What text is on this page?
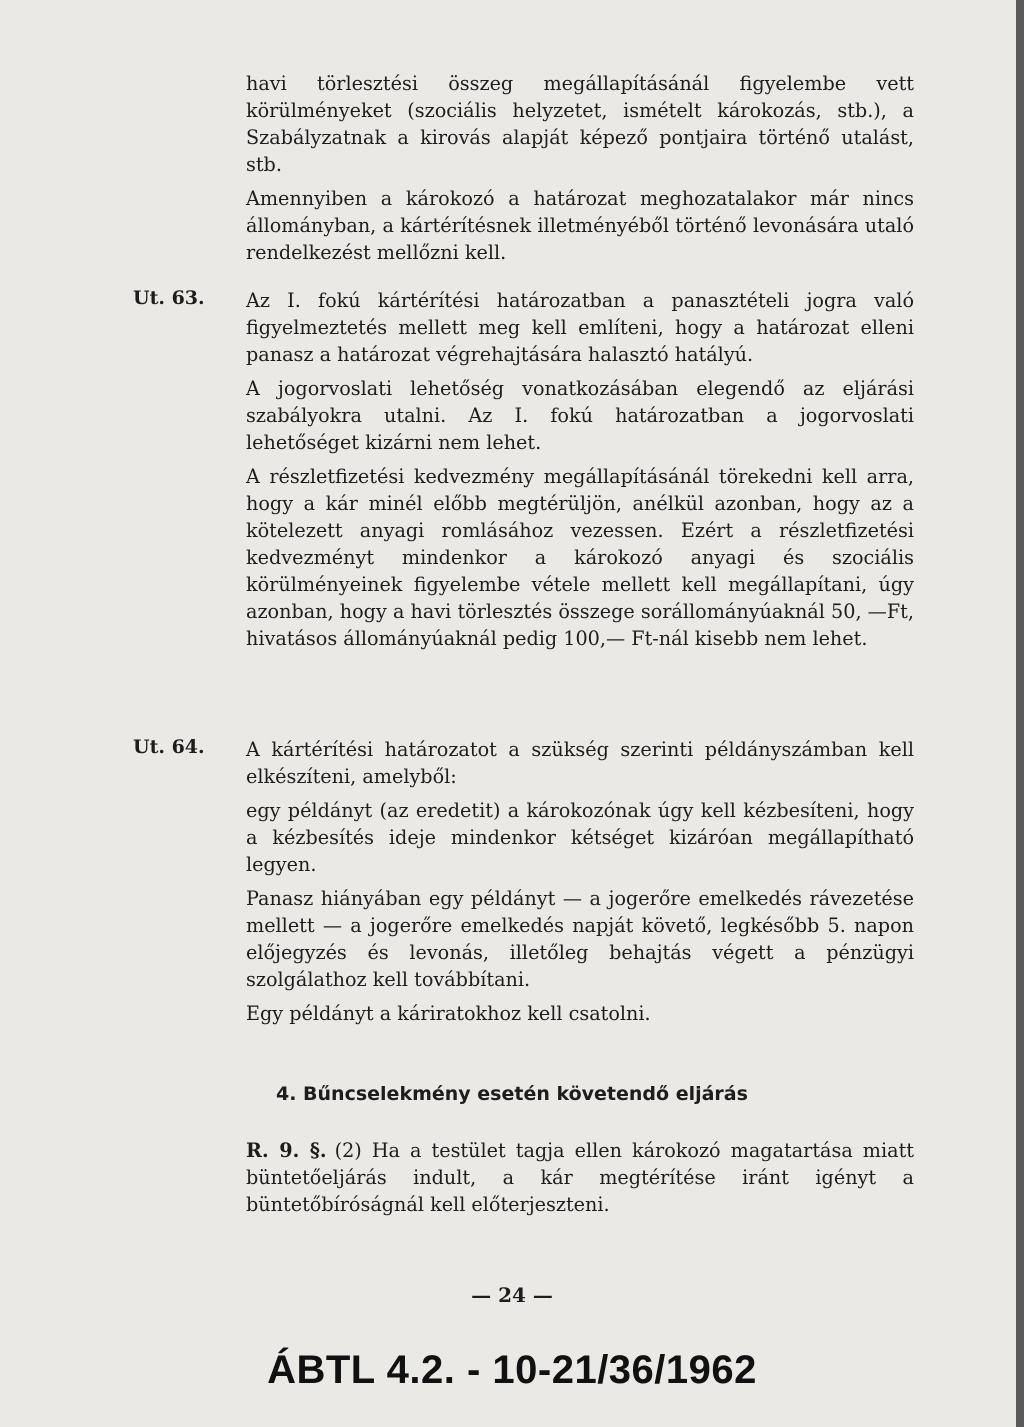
havi törlesztési összeg megállapításánál figyelembe vett körülményeket (szociális helyzetet, ismételt károkozás, stb.), a Szabályzatnak a kirovás alapját képező pontjaira történő utalást, stb.

Amennyiben a károkozó a határozat meghozatalakor már nincs állományban, a kártérítésnek illetményéből történő levonására utaló rendelkezést mellőzni kell.

Ut. 63. Az I. fokú kártérítési határozatban a panasztételi jogra való figyelmeztetés mellett meg kell említeni, hogy a határozat elleni panasz a határozat végrehajtására halasztó hatályú.

A jogorvoslati lehetőség vonatkozásában elegendő az eljárási szabályokra utalni. Az I. fokú határozatban a jogorvoslati lehetőséget kizárni nem lehet.

A részletfizetési kedvezmény megállapításánál törekedni kell arra, hogy a kár minél előbb megtérüljön, anélkül azonban, hogy az a kötelezett anyagi romlásához vezessen. Ezért a részletfizetési kedvezményt mindenkor a károkozó anyagi és szociális körülményeinek figyelembe vétele mellett kell megállapítani, úgy azonban, hogy a havi törlesztés összege sorállományúaknál 50, —Ft, hivatásos állományúaknál pedig 100,— Ft-nál kisebb nem lehet.

Ut. 64. A kártérítési határozatot a szükség szerinti példányszámban kell elkészíteni, amelyből:

egy példányt (az eredetit) a károkozónak úgy kell kézbesíteni, hogy a kézbesítés ideje mindenkor kétséget kizáróan megállapítható legyen.

Panasz hiányában egy példányt — a jogerőre emelkedés rávezetése mellett — a jogerőre emelkedés napját követő, legkésőbb 5. napon előjegyzés és levonás, illetőleg behajtás végett a pénzügyi szolgálathoz kell továbbítani.

Egy példányt a káriratokhoz kell csatolni.

4. Bűncselekmény esetén követendő eljárás
R. 9. §. (2) Ha a testület tagja ellen károkozó magatartása miatt büntetőeljárás indult, a kár megtérítése iránt igényt a büntetőbíróságnál kell előterjeszteni.
— 24 —
ÁBTL 4.2. - 10-21/36/1962
